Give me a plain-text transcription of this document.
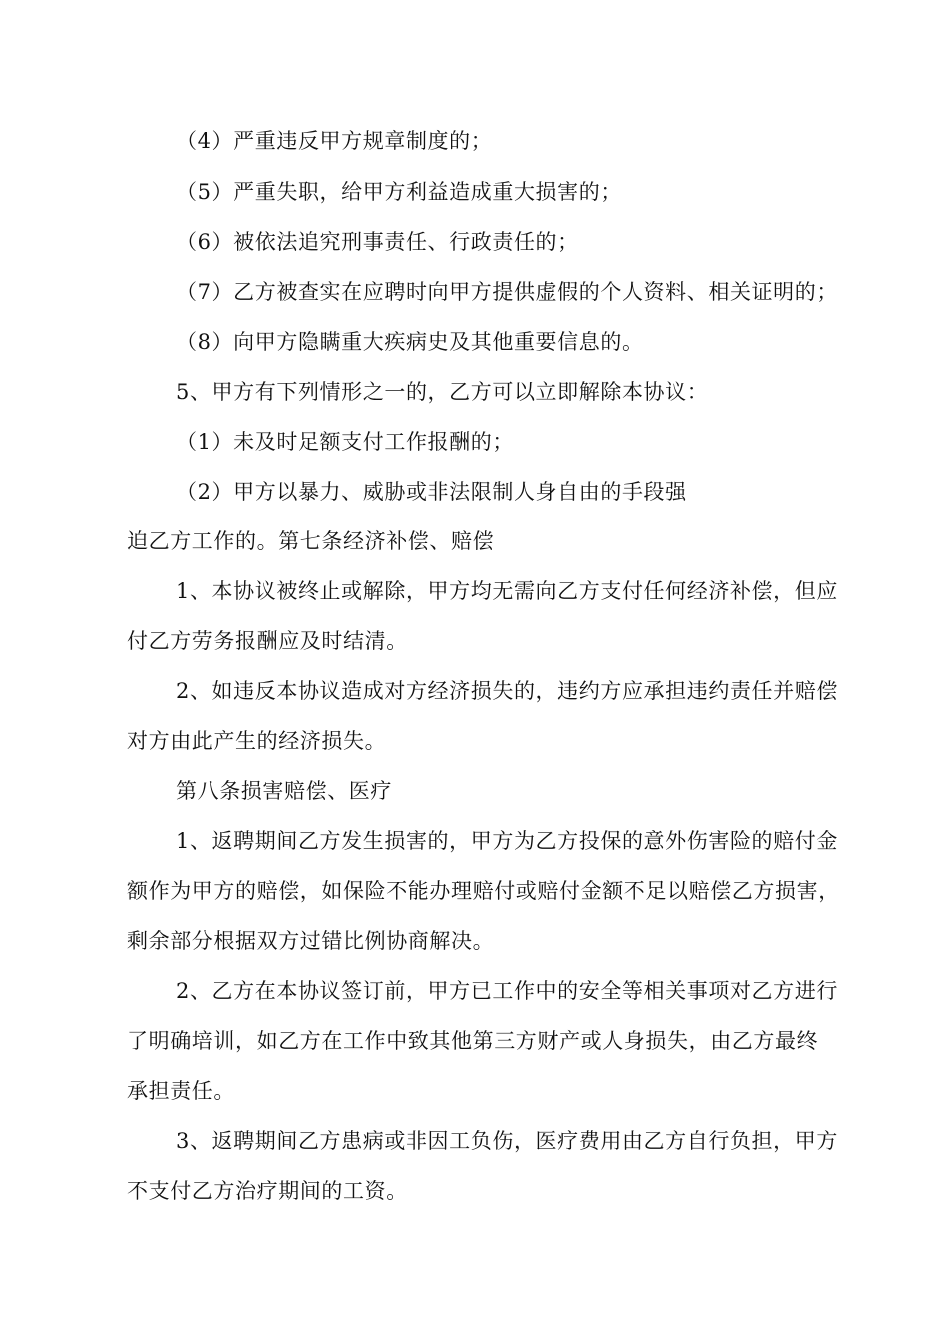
（4）严重违反甲方规章制度的；
（5）严重失职，给甲方利益造成重大损害的；
（6）被依法追究刑事责任、行政责任的；
（7）乙方被查实在应聘时向甲方提供虚假的个人资料、相关证明的；
（8）向甲方隐瞒重大疾病史及其他重要信息的。
5、甲方有下列情形之一的，乙方可以立即解除本协议：
（1）未及时足额支付工作报酬的；
（2）甲方以暴力、威胁或非法限制人身自由的手段强
迫乙方工作的。第七条经济补偿、赔偿
1、本协议被终止或解除，甲方均无需向乙方支付任何经济补偿，但应
付乙方劳务报酬应及时结清。
2、如违反本协议造成对方经济损失的，违约方应承担违约责任并赔偿
对方由此产生的经济损失。
第八条损害赔偿、医疗
1、返聘期间乙方发生损害的，甲方为乙方投保的意外伤害险的赔付金
额作为甲方的赔偿，如保险不能办理赔付或赔付金额不足以赔偿乙方损害，
剩余部分根据双方过错比例协商解决。
2、乙方在本协议签订前，甲方已工作中的安全等相关事项对乙方进行
了明确培训，如乙方在工作中致其他第三方财产或人身损失，由乙方最终
承担责任。
3、返聘期间乙方患病或非因工负伤，医疗费用由乙方自行负担，甲方
不支付乙方治疗期间的工资。
